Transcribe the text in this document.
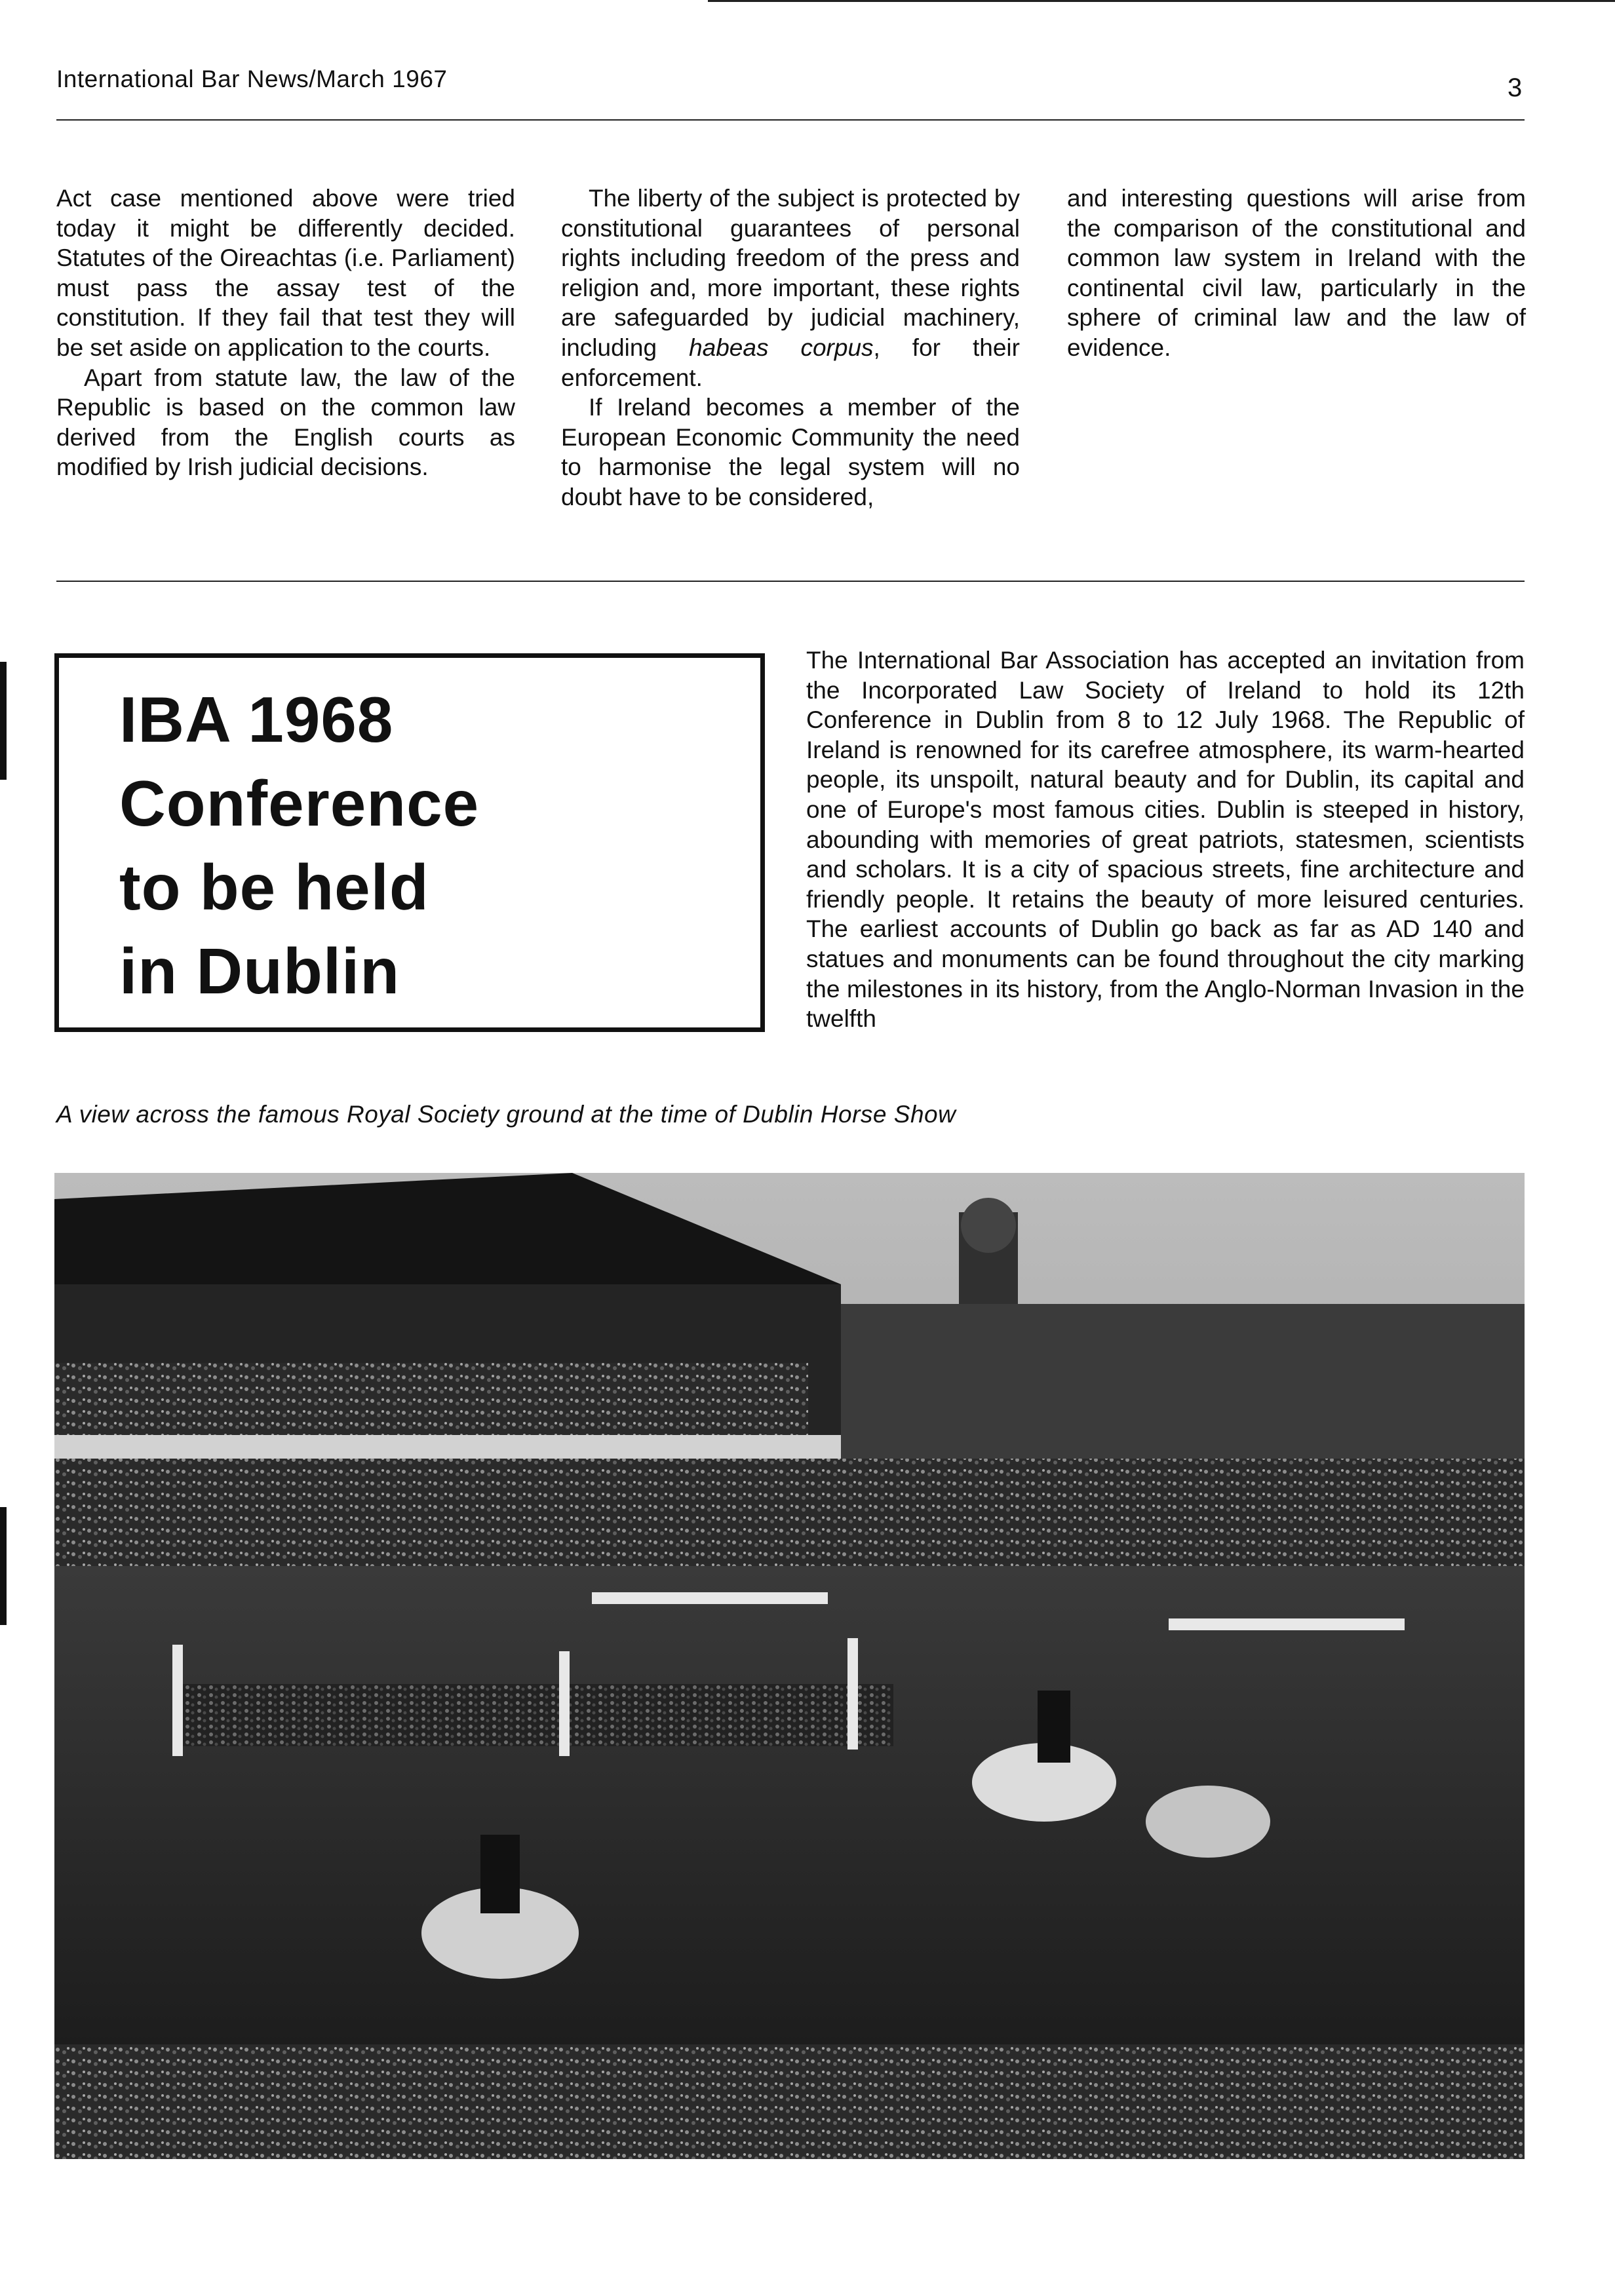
International Bar News/March 1967	3

Act case mentioned above were tried today it might be differently decided. Statutes of the Oireachtas (i.e. Parliament) must pass the assay test of the constitution. If they fail that test they will be set aside on application to the courts.

Apart from statute law, the law of the Republic is based on the common law derived from the English courts as modified by Irish judicial decisions.

The liberty of the subject is protected by constitutional guarantees of personal rights including freedom of the press and religion and, more important, these rights are safeguarded by judicial machinery, including habeas corpus, for their enforcement.

If Ireland becomes a member of the European Economic Community the need to harmonise the legal system will no doubt have to be considered,

and interesting questions will arise from the comparison of the constitutional and common law system in Ireland with the continental civil law, particularly in the sphere of criminal law and the law of evidence.

IBA 1968
Conference
to be held
in Dublin
The International Bar Association has accepted an invitation from the Incorporated Law Society of Ireland to hold its 12th Conference in Dublin from 8 to 12 July 1968. The Republic of Ireland is renowned for its carefree atmosphere, its warm-hearted people, its unspoilt, natural beauty and for Dublin, its capital and one of Europe's most famous cities. Dublin is steeped in history, abounding with memories of great patriots, statesmen, scientists and scholars. It is a city of spacious streets, fine architecture and friendly people. It retains the beauty of more leisured centuries. The earliest accounts of Dublin go back as far as AD 140 and statues and monuments can be found throughout the city marking the milestones in its history, from the Anglo-Norman Invasion in the twelfth
A view across the famous Royal Society ground at the time of Dublin Horse Show
